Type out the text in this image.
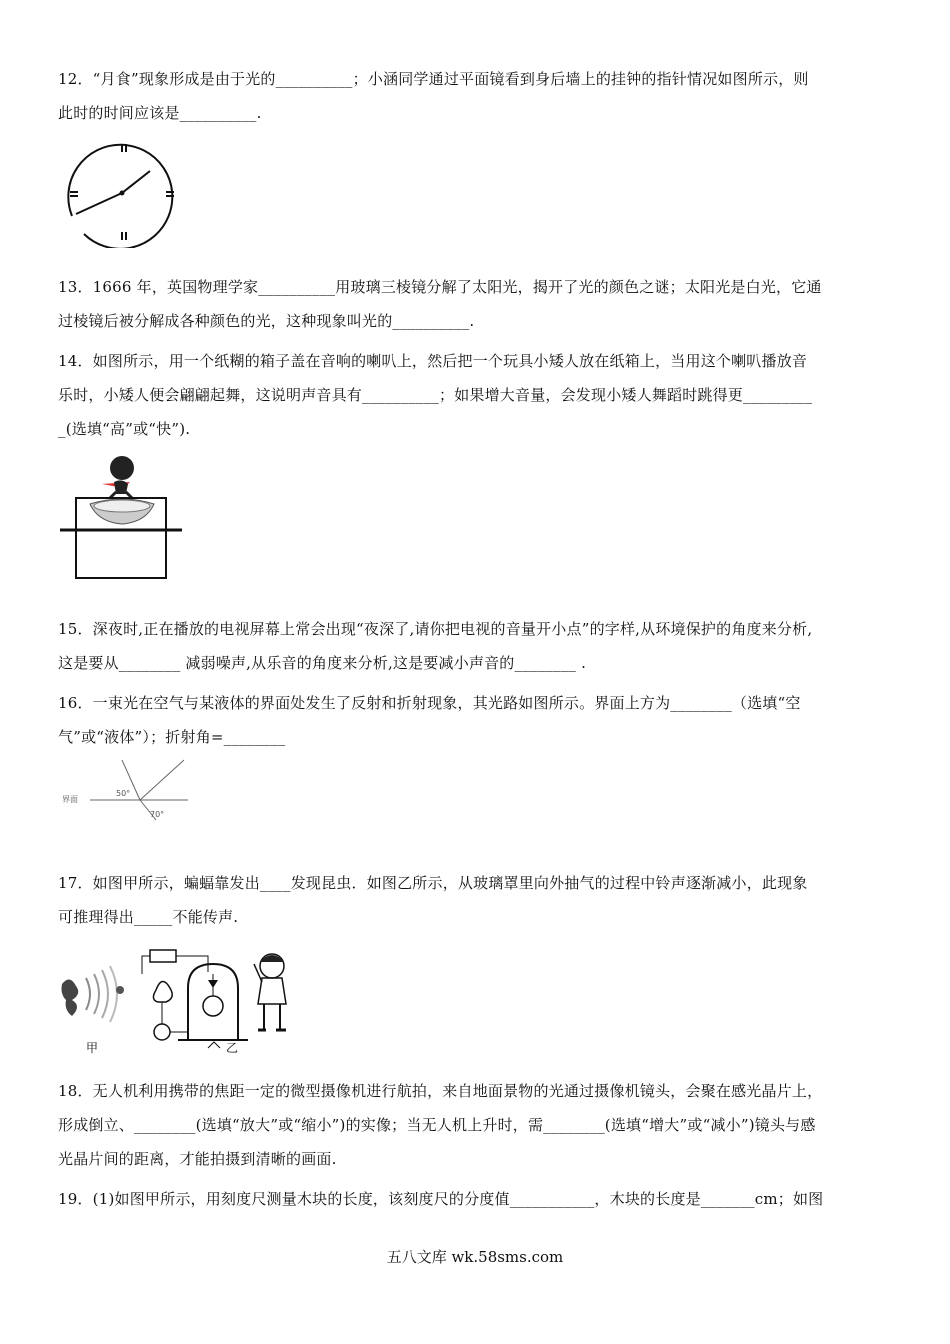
12．“月食”现象形成是由于光的__________；小涵同学通过平面镜看到身后墙上的挂钟的指针情况如图所示，则
此时的时间应该是__________.
13．1666 年，英国物理学家__________用玻璃三棱镜分解了太阳光，揭开了光的颜色之谜；太阳光是白光，它通
过棱镜后被分解成各种颜色的光，这种现象叫光的__________.
14．如图所示，用一个纸糊的箱子盖在音响的喇叭上，然后把一个玩具小矮人放在纸箱上，当用这个喇叭播放音
乐时，小矮人便会翩翩起舞，这说明声音具有__________；如果增大音量，会发现小矮人舞蹈时跳得更_________
_(选填“高”或“快”).
15．深夜时,正在播放的电视屏幕上常会出现“夜深了,请你把电视的音量开小点”的字样,从环境保护的角度来分析,
这是要从________ 减弱噪声,从乐音的角度来分析,这是要减小声音的________ .
16．一束光在空气与某液体的界面处发生了反射和折射现象，其光路如图所示。界面上方为________（选填“空
气”或“液体”）；折射角=________
界面
50°
70°
17．如图甲所示，蝙蝠靠发出____发现昆虫．如图乙所示，从玻璃罩里向外抽气的过程中铃声逐渐减小，此现象
可推理得出_____不能传声.
甲	乙
18．无人机利用携带的焦距一定的微型摄像机进行航拍，来自地面景物的光通过摄像机镜头，会聚在感光晶片上，
形成倒立、________(选填“放大”或“缩小”)的实像；当无人机上升时，需________(选填“增大”或“减小”)镜头与感
光晶片间的距离，才能拍摄到清晰的画面.
19．(1)如图甲所示，用刻度尺测量木块的长度，该刻度尺的分度值___________，木块的长度是_______cm；如图
五八文库 wk.58sms.com
